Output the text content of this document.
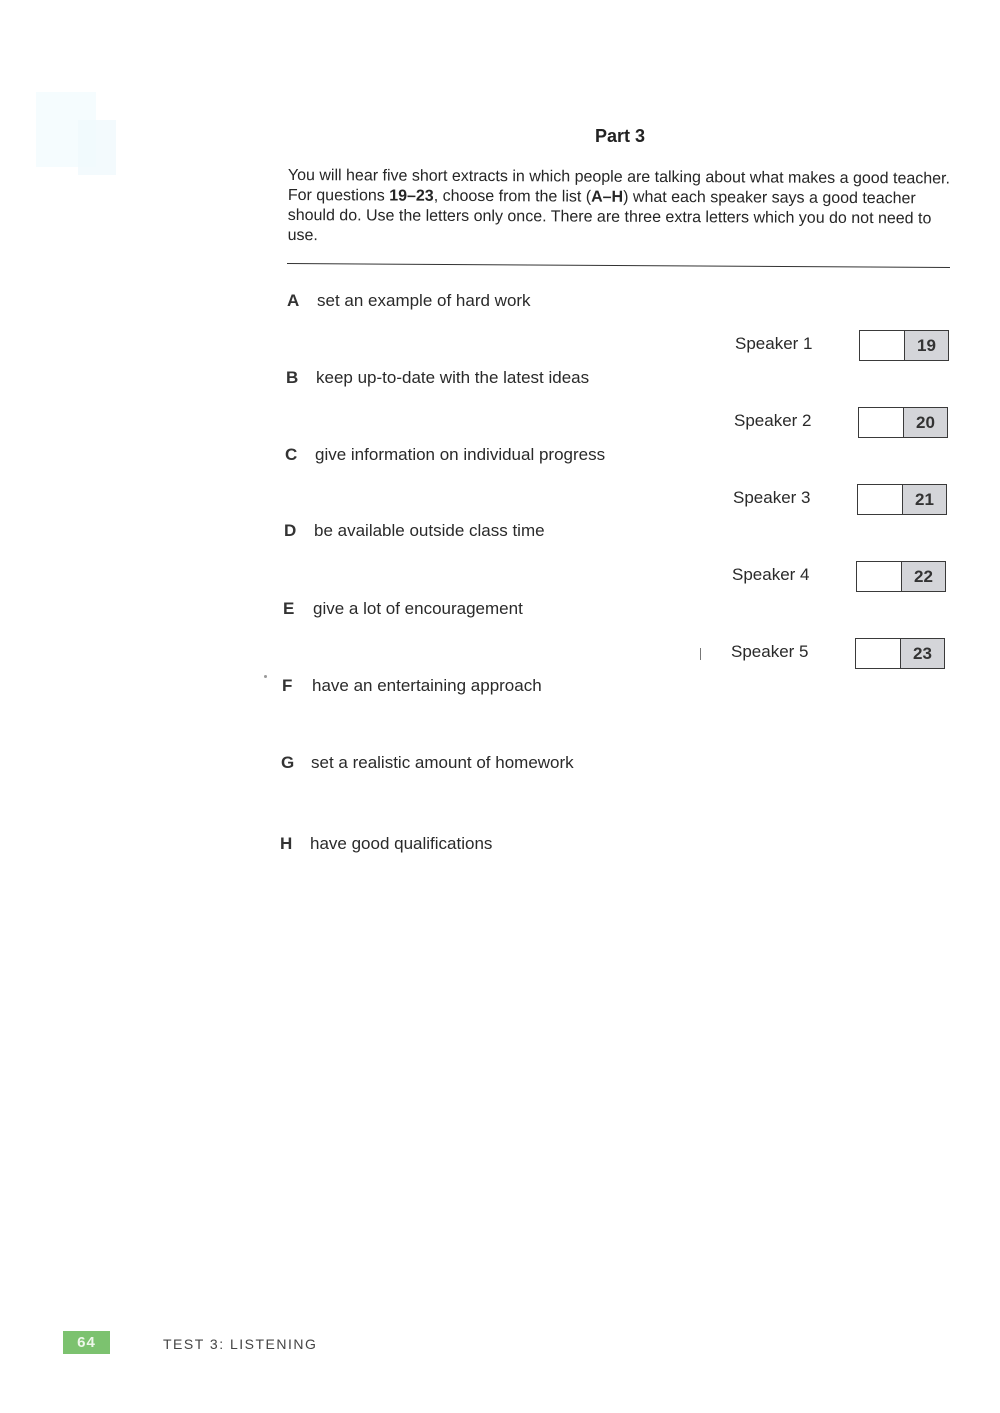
Part 3
You will hear five short extracts in which people are talking about what makes a good teacher. For questions 19–23, choose from the list (A–H) what each speaker says a good teacher should do. Use the letters only once. There are three extra letters which you do not need to use.
A set an example of hard work
B keep up-to-date with the latest ideas
C give information on individual progress
D be available outside class time
E give a lot of encouragement
F have an entertaining approach
G set a realistic amount of homework
H have good qualifications
Speaker 1	19
Speaker 2	20
Speaker 3	21
Speaker 4	22
Speaker 5	23
64	TEST 3: LISTENING
